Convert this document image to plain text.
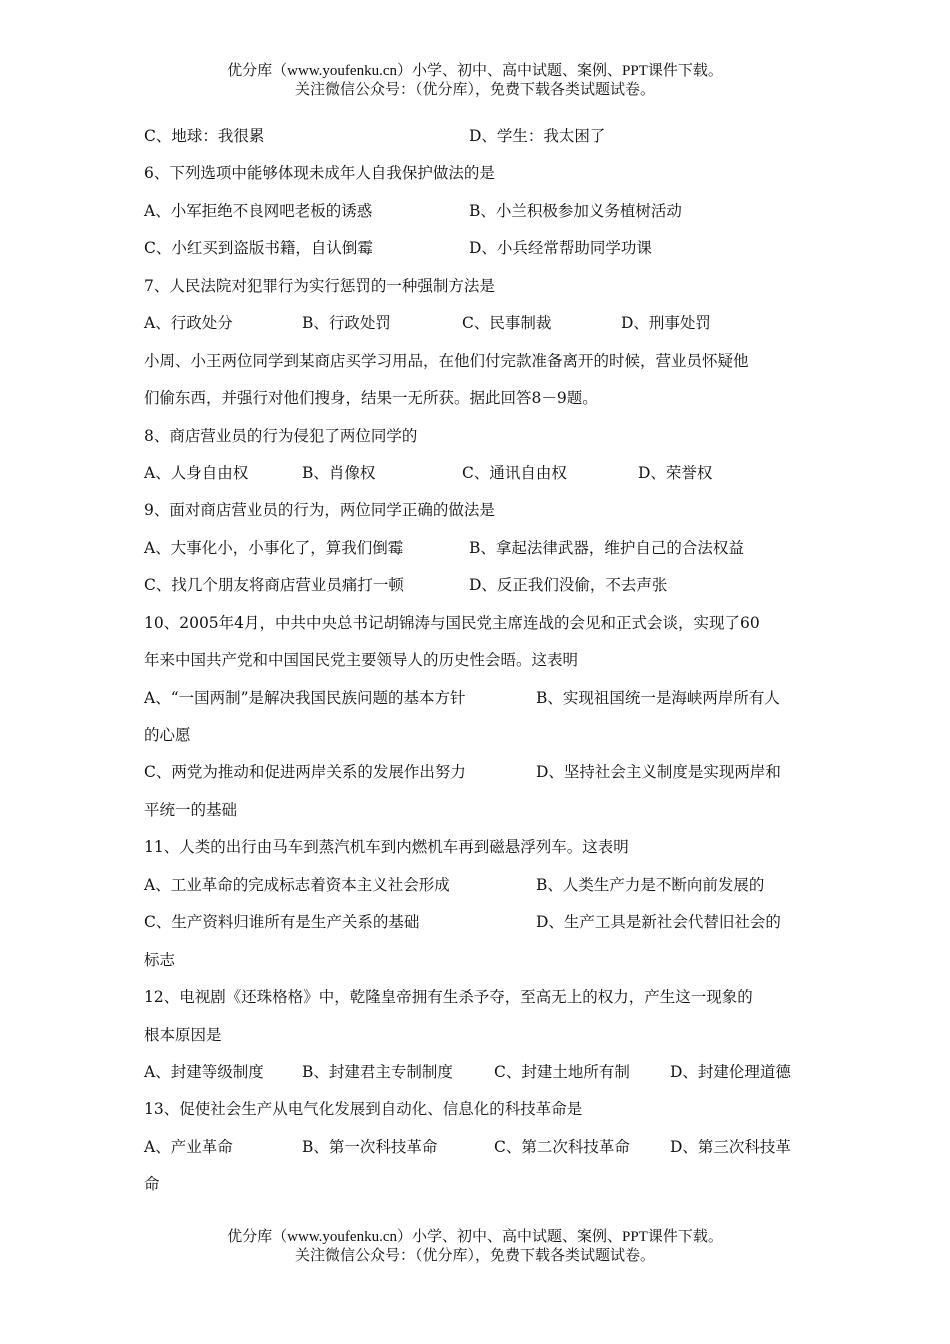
优分库（www.youfenku.cn）小学、初中、高中试题、案例、PPT课件下载。
关注微信公众号：（优分库），免费下载各类试题试卷。
C、地球：我很累	D、学生：我太困了
6、下列选项中能够体现未成年人自我保护做法的是
A、小军拒绝不良网吧老板的诱惑	B、小兰积极参加义务植树活动
C、小红买到盗版书籍，自认倒霉	D、小兵经常帮助同学功课
7、人民法院对犯罪行为实行惩罚的一种强制方法是
A、行政处分	B、行政处罚	C、民事制裁	D、刑事处罚
小周、小王两位同学到某商店买学习用品，在他们付完款准备离开的时候，营业员怀疑他
们偷东西，并强行对他们搜身，结果一无所获。据此回答8－9题。
8、商店营业员的行为侵犯了两位同学的
A、人身自由权	B、肖像权	C、通讯自由权	D、荣誉权
9、面对商店营业员的行为，两位同学正确的做法是
A、大事化小，小事化了，算我们倒霉	B、拿起法律武器，维护自己的合法权益
C、找几个朋友将商店营业员痛打一顿	D、反正我们没偷，不去声张
10、2005年4月，中共中央总书记胡锦涛与国民党主席连战的会见和正式会谈，实现了60
年来中国共产党和中国国民党主要领导人的历史性会晤。这表明
A、“一国两制”是解决我国民族问题的基本方针	B、实现祖国统一是海峡两岸所有人
的心愿
C、两党为推动和促进两岸关系的发展作出努力	D、坚持社会主义制度是实现两岸和
平统一的基础
11、人类的出行由马车到蒸汽机车到内燃机车再到磁悬浮列车。这表明
A、工业革命的完成标志着资本主义社会形成	B、人类生产力是不断向前发展的
C、生产资料归谁所有是生产关系的基础	D、生产工具是新社会代替旧社会的
标志
12、电视剧《还珠格格》中，乾隆皇帝拥有生杀予夺，至高无上的权力，产生这一现象的
根本原因是
A、封建等级制度 B、封建君主专制制度	C、封建土地所有制	D、封建伦理道德
13、促使社会生产从电气化发展到自动化、信息化的科技革命是
A、产业革命	B、第一次科技革命	C、第二次科技革命	D、第三次科技革
命
优分库（www.youfenku.cn）小学、初中、高中试题、案例、PPT课件下载。
关注微信公众号：（优分库），免费下载各类试题试卷。
